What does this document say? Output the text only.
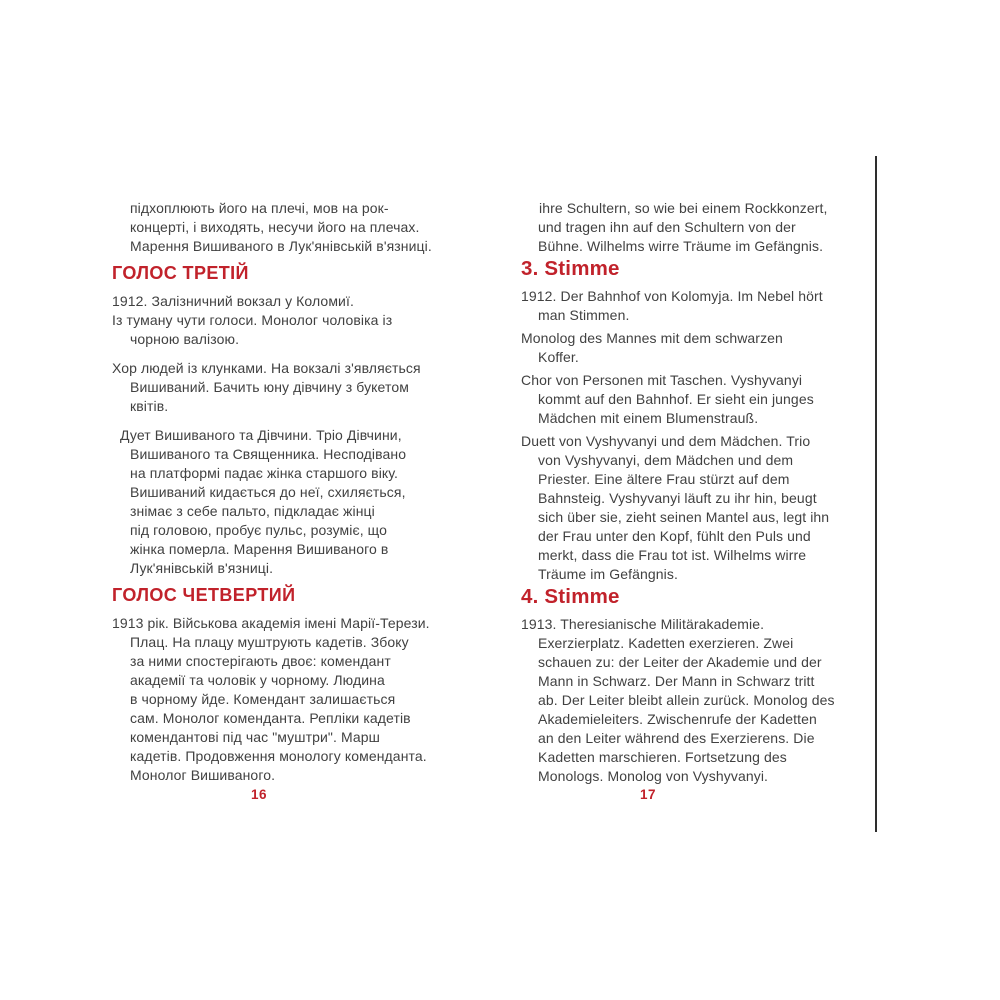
підхоплюють його на плечі, мов на рок-
концерті, і виходять, несучи його на плечах.
Марення Вишиваного в Лук'янівській в'язниці.
ГОЛОС ТРЕТІЙ
1912. Залізничний вокзал у Коломиї.
Із туману чути голоси. Монолог чоловіка із
чорною валізою.
Хор людей із клунками. На вокзалі з'являється
Вишиваний. Бачить юну дівчину з букетом
квітів.
Дует Вишиваного та Дівчини. Тріо Дівчини,
Вишиваного та Священника. Несподівано
на платформі падає жінка старшого віку.
Вишиваний кидається до неї, схиляється,
знімає з себе пальто, підкладає жінці
під головою, пробує пульс, розуміє, що
жінка померла. Марення Вишиваного в
Лук'янівській в'язниці.
ГОЛОС ЧЕТВЕРТИЙ
1913 рік. Військова академія імені Марії-Терези.
Плац. На плацу муштрують кадетів. Збоку
за ними спостерігають двоє: комендант
академії та чоловік у чорному. Людина
в чорному йде. Комендант залишається
сам. Монолог коменданта. Репліки кадетів
комендантові під час "муштри". Марш
кадетів. Продовження монологу коменданта.
Монолог Вишиваного.
ihre Schultern, so wie bei einem Rockkonzert,
und tragen ihn auf den Schultern von der
Bühne. Wilhelms wirre Träume im Gefängnis.
3. Stimme
1912. Der Bahnhof von Kolomyja. Im Nebel hört
man Stimmen.
Monolog des Mannes mit dem schwarzen
Koffer.
Chor von Personen mit Taschen. Vyshyvanyi
kommt auf den Bahnhof. Er sieht ein junges
Mädchen mit einem Blumenstrauß.
Duett von Vyshyvanyi und dem Mädchen. Trio
von Vyshyvanyi, dem Mädchen und dem
Priester. Eine ältere Frau stürzt auf dem
Bahnsteig. Vyshyvanyi läuft zu ihr hin, beugt
sich über sie, zieht seinen Mantel aus, legt ihn
der Frau unter den Kopf, fühlt den Puls und
merkt, dass die Frau tot ist. Wilhelms wirre
Träume im Gefängnis.
4. Stimme
1913. Theresianische Militärakademie.
Exerzierplatz. Kadetten exerzieren. Zwei
schauen zu: der Leiter der Akademie und der
Mann in Schwarz. Der Mann in Schwarz tritt
ab. Der Leiter bleibt allein zurück. Monolog des
Akademieleiters. Zwischenrufe der Kadetten
an den Leiter während des Exerzierens. Die
Kadetten marschieren. Fortsetzung des
Monologs. Monolog von Vyshyvanyi.
16	17
